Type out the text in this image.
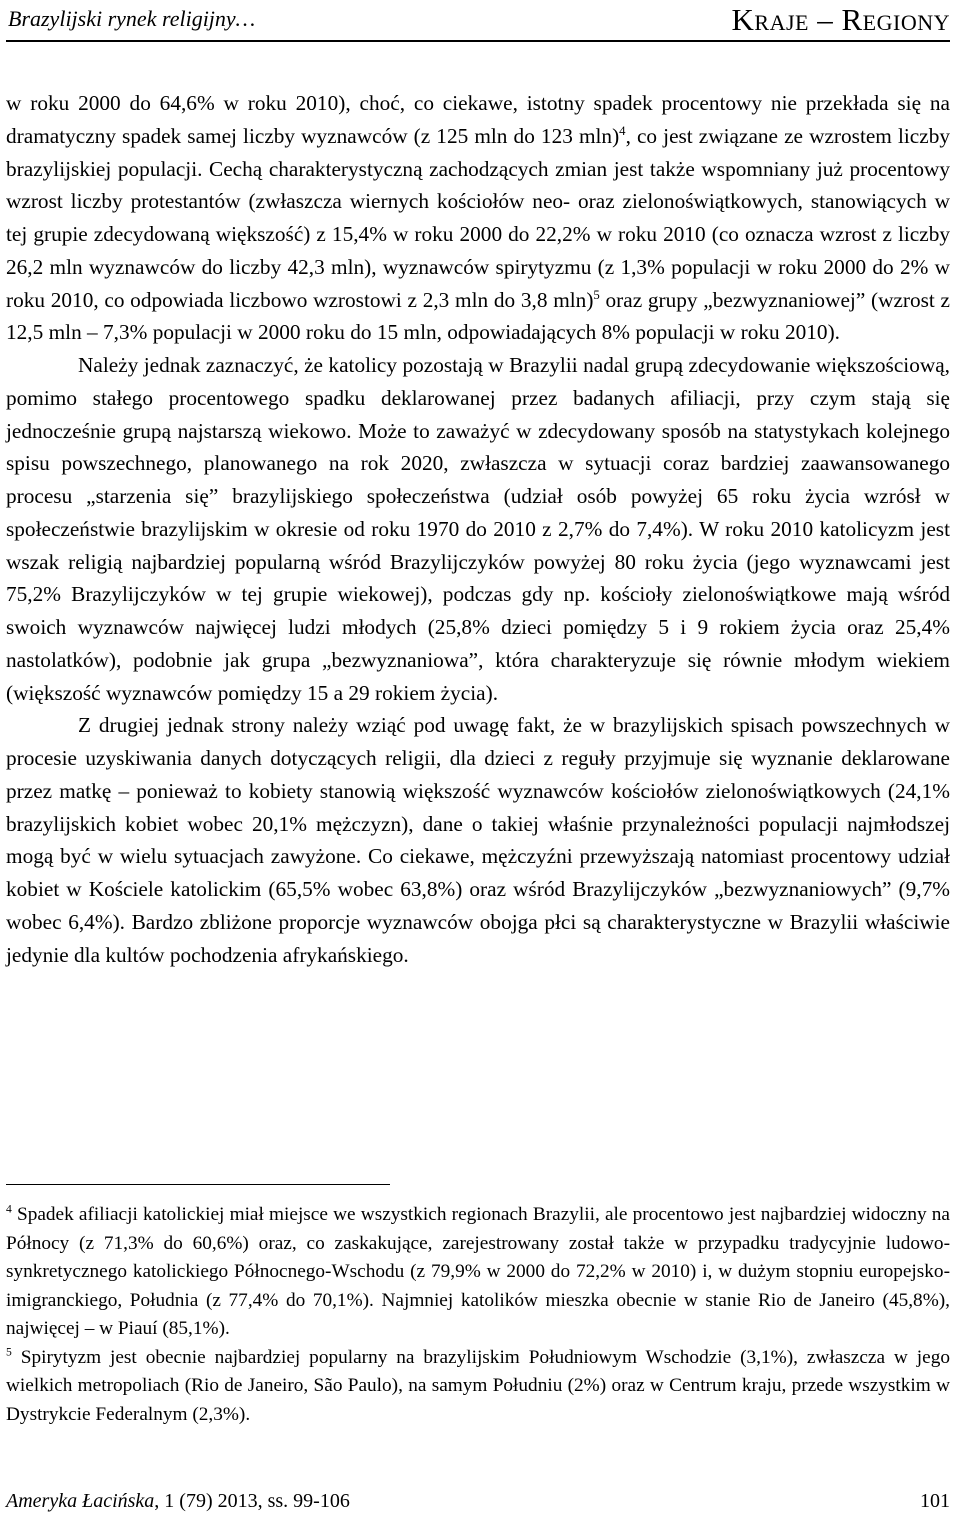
Brazylijski rynek religijny…	Kraje – Regiony

w roku 2000 do 64,6% w roku 2010), choć, co ciekawe, istotny spadek procentowy nie przekłada się na dramatyczny spadek samej liczby wyznawców (z 125 mln do 123 mln)$^4$, co jest związane ze wzrostem liczby brazylijskiej populacji. Cechą charakterystyczną zachodzących zmian jest także wspomniany już procentowy wzrost liczby protestantów (zwłaszcza wiernych kościołów neo- oraz zielonoświątkowych, stanowiących w tej grupie zdecydowaną większość) z 15,4% w roku 2000 do 22,2% w roku 2010 (co oznacza wzrost z liczby 26,2 mln wyznawców do liczby 42,3 mln), wyznawców spirytyzmu (z 1,3% populacji w roku 2000 do 2% w roku 2010, co odpowiada liczbowo wzrostowi z 2,3 mln do 3,8 mln)$^5$ oraz grupy „bezwyznaniowej” (wzrost z 12,5 mln – 7,3% populacji w 2000 roku do 15 mln, odpowiadających 8% populacji w roku 2010).

Należy jednak zaznaczyć, że katolicy pozostają w Brazylii nadal grupą zdecydowanie większościową, pomimo stałego procentowego spadku deklarowanej przez badanych afiliacji, przy czym stają się jednocześnie grupą najstarszą wiekowo. Może to zaważyć w zdecydowany sposób na statystykach kolejnego spisu powszechnego, planowanego na rok 2020, zwłaszcza w sytuacji coraz bardziej zaawansowanego procesu „starzenia się” brazylijskiego społeczeństwa (udział osób powyżej 65 roku życia wzrósł w społeczeństwie brazylijskim w okresie od roku 1970 do 2010 z 2,7% do 7,4%). W roku 2010 katolicyzm jest wszak religią najbardziej popularną wśród Brazylijczyków powyżej 80 roku życia (jego wyznawcami jest 75,2% Brazylijczyków w tej grupie wiekowej), podczas gdy np. kościoły zielonoświątkowe mają wśród swoich wyznawców najwięcej ludzi młodych (25,8% dzieci pomiędzy 5 i 9 rokiem życia oraz 25,4% nastolatków), podobnie jak grupa „bezwyznaniowa”, która charakteryzuje się równie młodym wiekiem (większość wyznawców pomiędzy 15 a 29 rokiem życia).

Z drugiej jednak strony należy wziąć pod uwagę fakt, że w brazylijskich spisach powszechnych w procesie uzyskiwania danych dotyczących religii, dla dzieci z reguły przyjmuje się wyznanie deklarowane przez matkę – ponieważ to kobiety stanowią większość wyznawców kościołów zielonoświątkowych (24,1% brazylijskich kobiet wobec 20,1% mężczyzn), dane o takiej właśnie przynależności populacji najmłodszej mogą być w wielu sytuacjach zawyżone. Co ciekawe, mężczyźni przewyższają natomiast procentowy udział kobiet w Kościele katolickim (65,5% wobec 63,8%) oraz wśród Brazylijczyków „bezwyznaniowych” (9,7% wobec 6,4%). Bardzo zbliżone proporcje wyznawców obojga płci są charakterystyczne w Brazylii właściwie jedynie dla kultów pochodzenia afrykańskiego.

$^4$ Spadek afiliacji katolickiej miał miejsce we wszystkich regionach Brazylii, ale procentowo jest najbardziej widoczny na Północy (z 71,3% do 60,6%) oraz, co zaskakujące, zarejestrowany został także w przypadku tradycyjnie ludowo-synkretycznego katolickiego Północnego-Wschodu (z 79,9% w 2000 do 72,2% w 2010) i, w dużym stopniu europejsko-imigranckiego, Południa (z 77,4% do 70,1%). Najmniej katolików mieszka obecnie w stanie Rio de Janeiro (45,8%), najwięcej – w Piauí (85,1%).

$^5$ Spirytyzm jest obecnie najbardziej popularny na brazylijskim Południowym Wschodzie (3,1%), zwłaszcza w jego wielkich metropoliach (Rio de Janeiro, São Paulo), na samym Południu (2%) oraz w Centrum kraju, przede wszystkim w Dystrykcie Federalnym (2,3%).

Ameryka Łacińska, 1 (79) 2013, ss. 99-106	101
